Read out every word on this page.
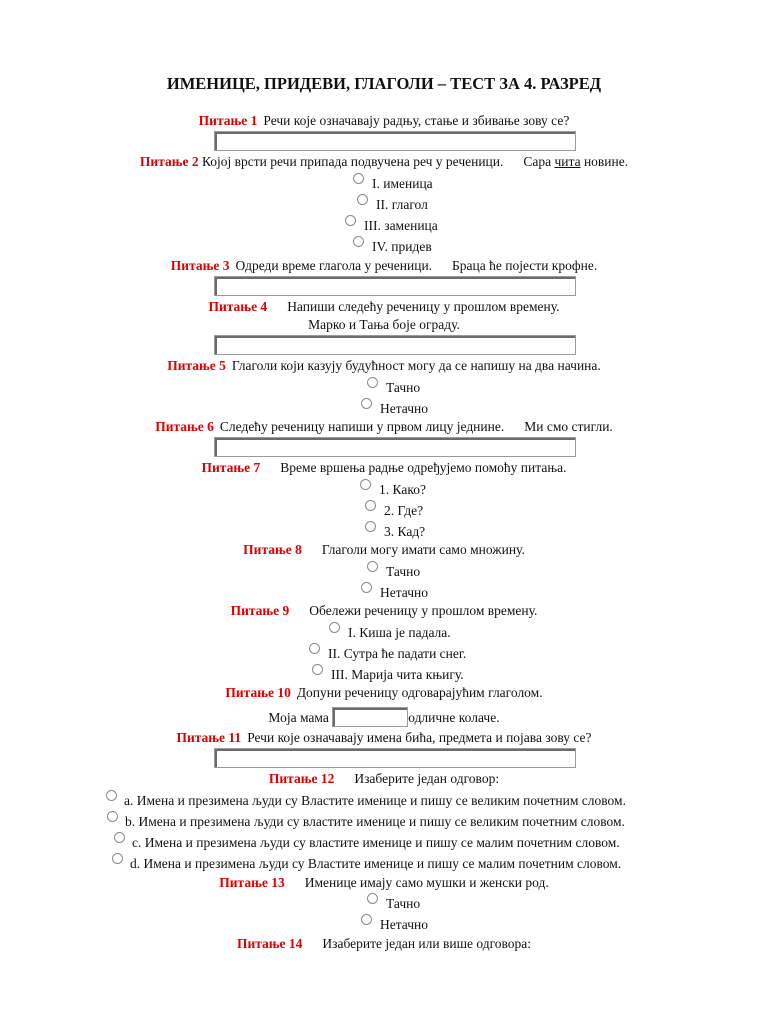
ИМЕНИЦЕ, ПРИДЕВИ, ГЛАГОЛИ – ТЕСТ ЗА 4. РАЗРЕД
Питање 1 Речи које означавају радњу, стање и збивање зову се?
Питање 2 Којој врсти речи припада подвучена реч у реченици. Сара чита новине.
I. именица
II. глагол
III. заменица
IV. придев
Питање 3 Одреди време глагола у реченици. Браца ће појести крофне.
Питање 4 Напиши следећу реченицу у прошлом времену.
Марко и Тања боје ограду.
Питање 5 Глаголи који казују будућност могу да се напишу на два начина.
Тачно
Нетачно
Питање 6 Следећу реченицу напиши у првом лицу једнине. Ми смо стигли.
Питање 7 Време вршења радње одређујемо помоћу питања.
1. Како?
2. Где?
3. Кад?
Питање 8 Глаголи могу имати само множину.
Тачно
Нетачно
Питање 9 Обележи реченицу у прошлом времену.
I. Киша је падала.
II. Сутра ће падати снег.
III. Марија чита књигу.
Питање 10 Допуни реченицу одговарајућим глаголом.
Моја мама	одличне колаче.
Питање 11 Речи које означавају имена бића, предмета и појава зову се?
Питање 12 Изаберите један одговор:
a. Имена и презимена људи су Властите именице и пишу се великим почетним словом.
b. Имена и презимена људи су властите именице и пишу се великим почетним словом.
c. Имена и презимена људи су властите именице и пишу се малим почетним словом.
d. Имена и презимена људи су Властите именице и пишу се малим почетним словом.
Питање 13 Именице имају само мушки и женски род.
Тачно
Нетачно
Питање 14 Изаберите један или више одговора:
